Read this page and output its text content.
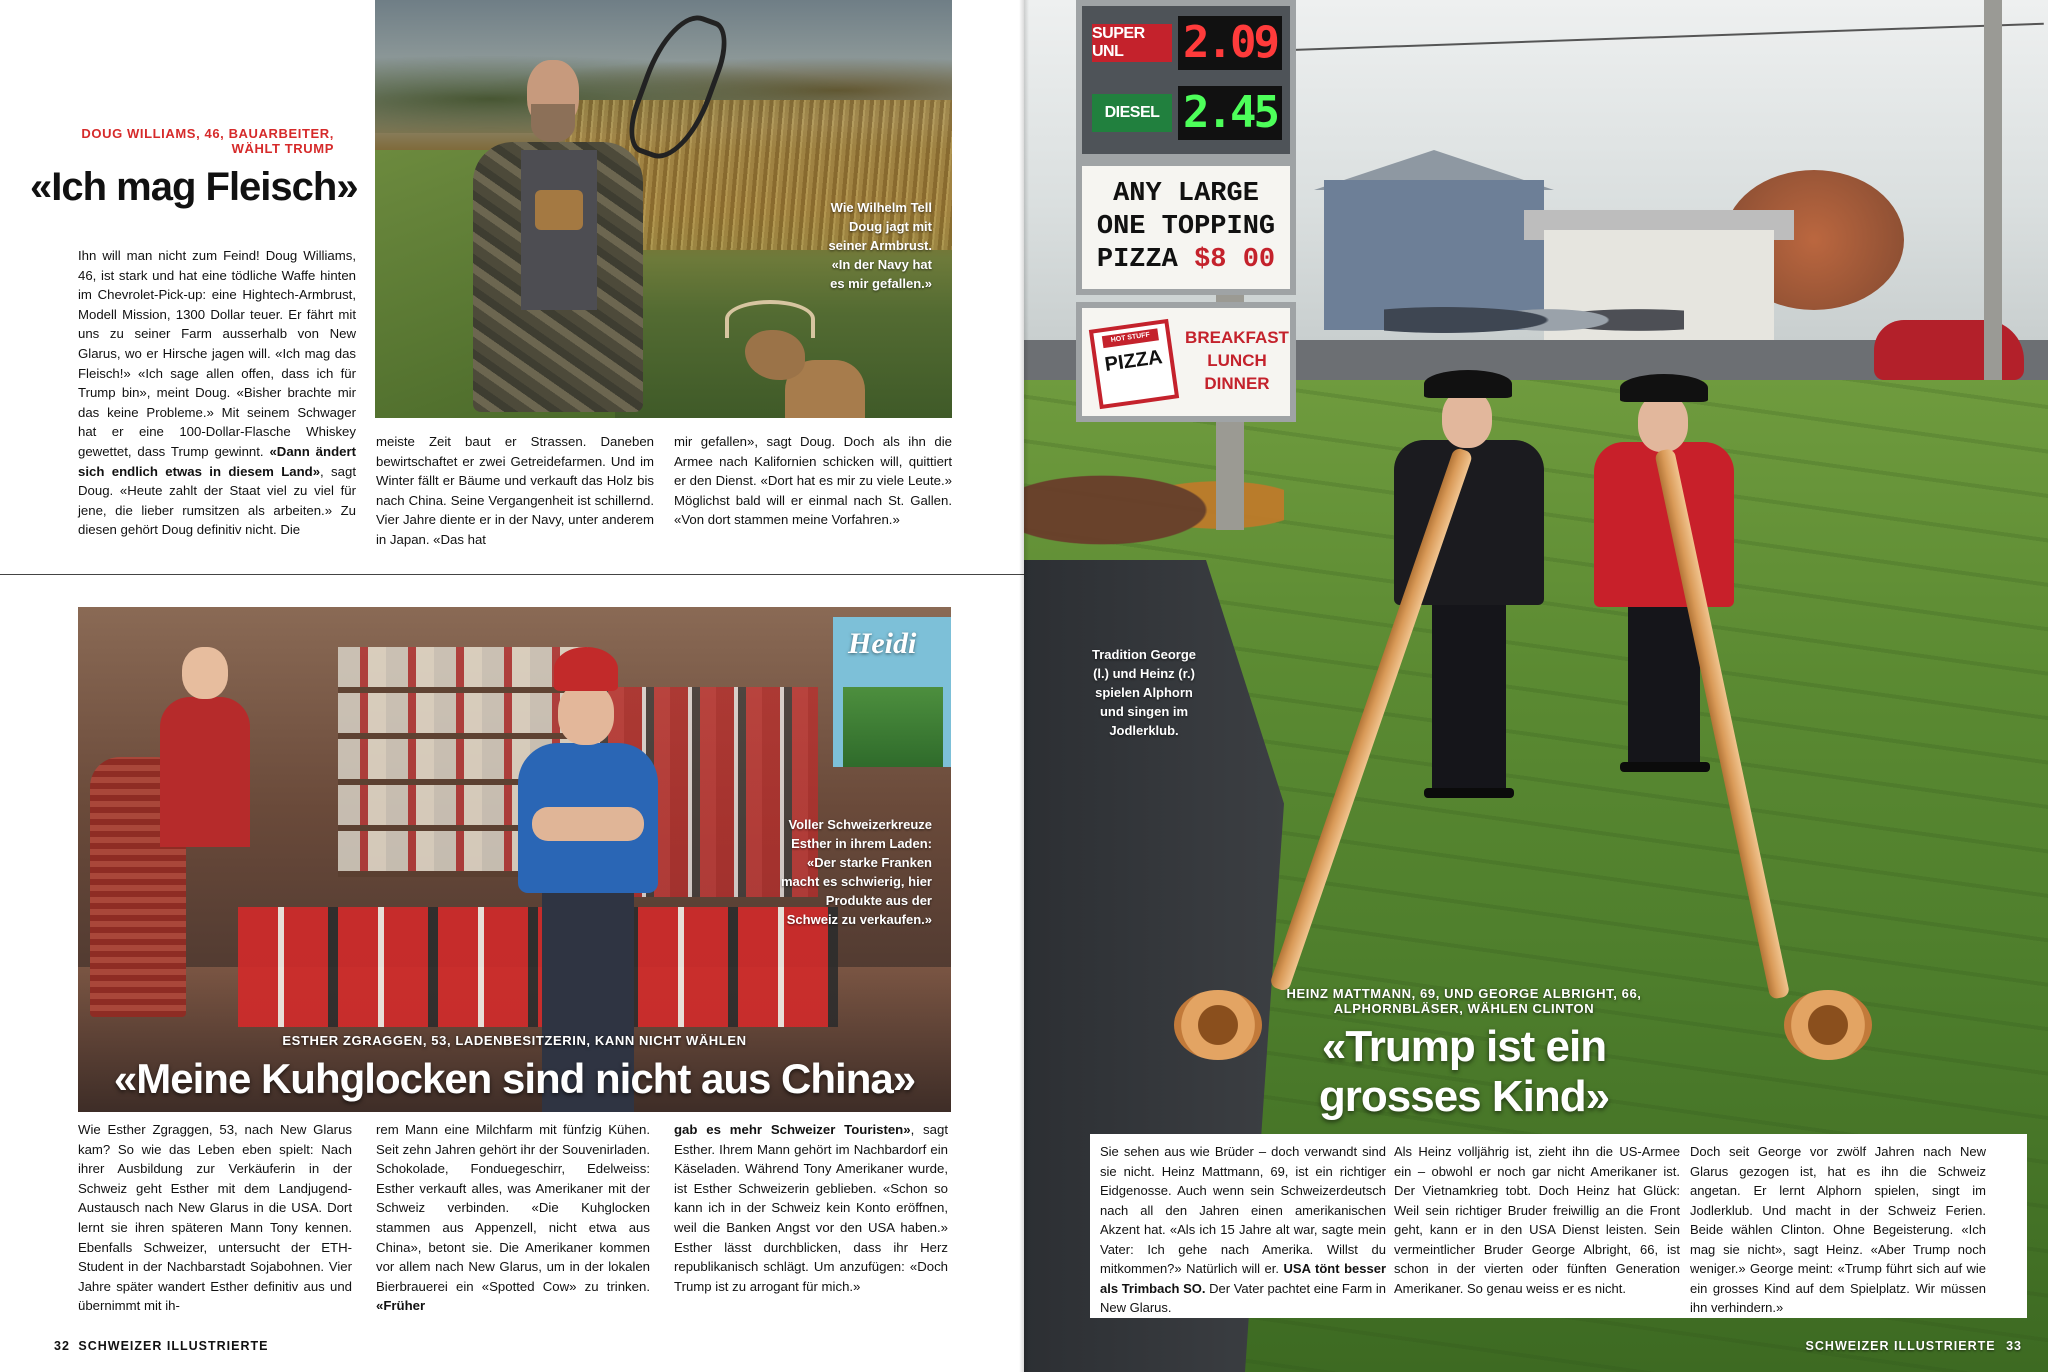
Wie Wilhelm Tell Doug jagt mit seiner Armbrust. «In der Navy hat es mir gefallen.»
DOUG WILLIAMS, 46, BAUARBEITER,
WÄHLT TRUMP
«Ich mag Fleisch»
Ihn will man nicht zum Feind! Doug Williams, 46, ist stark und hat eine tödliche Waffe hinten im Chevrolet-Pick-up: eine Hightech-Armbrust, Modell Mission, 1300 Dollar teuer. Er fährt mit uns zu seiner Farm ausserhalb von New Glarus, wo er Hirsche jagen will. «Ich mag das Fleisch!» «Ich sage allen offen, dass ich für Trump bin», meint Doug. «Bisher brachte mir das keine Probleme.» Mit seinem Schwager hat er eine 100-Dollar-Flasche Whiskey gewettet, dass Trump gewinnt. «Dann ändert sich endlich etwas in diesem Land», sagt Doug. «Heute zahlt der Staat viel zu viel für jene, die lieber rumsitzen als arbeiten.» Zu diesen gehört Doug definitiv nicht. Die
meiste Zeit baut er Strassen. Daneben bewirtschaftet er zwei Getreidefarmen. Und im Winter fällt er Bäume und verkauft das Holz bis nach China. Seine Vergangenheit ist schillernd. Vier Jahre diente er in der Navy, unter anderem in Japan. «Das hat
mir gefallen», sagt Doug. Doch als ihn die Armee nach Kalifornien schicken will, quittiert er den Dienst. «Dort hat es mir zu viele Leute.» Möglichst bald will er einmal nach St. Gallen. «Von dort stammen meine Vorfahren.»
Heidi
Voller Schweizerkreuze Esther in ihrem Laden: «Der starke Franken macht es schwierig, hier Produkte aus der Schweiz zu verkaufen.»
ESTHER ZGRAGGEN, 53, LADENBESITZERIN, KANN NICHT WÄHLEN
«Meine Kuhglocken sind nicht aus China»
Wie Esther Zgraggen, 53, nach New Glarus kam? So wie das Leben eben spielt: Nach ihrer Ausbildung zur Verkäuferin in der Schweiz geht Esther mit dem Landjugend-Austausch nach New Glarus in die USA. Dort lernt sie ihren späteren Mann Tony kennen. Ebenfalls Schweizer, untersucht der ETH-Student in der Nachbarstadt Sojabohnen. Vier Jahre später wandert Esther definitiv aus und übernimmt mit ih-
rem Mann eine Milchfarm mit fünfzig Kühen. Seit zehn Jahren gehört ihr der Souvenirladen. Schokolade, Fonduegeschirr, Edelweiss: Esther verkauft alles, was Amerikaner mit der Schweiz verbinden. «Die Kuhglocken stammen aus Appenzell, nicht etwa aus China», betont sie. Die Amerikaner kommen vor allem nach New Glarus, um in der lokalen Bierbrauerei ein «Spotted Cow» zu trinken. «Früher
gab es mehr Schweizer Touristen», sagt Esther. Ihrem Mann gehört im Nachbardorf ein Käseladen. Während Tony Amerikaner wurde, ist Esther Schweizerin geblieben. «Schon so kann ich in der Schweiz kein Konto eröffnen, weil die Banken Angst vor den USA haben.» Esther lässt durchblicken, dass ihr Herz republikanisch schlägt. Um anzufügen: «Doch Trump ist zu arrogant für mich.»
32 SCHWEIZER ILLUSTRIERTE
SUPER UNL	2.09
DIESEL 2.45
ANY LARGE
ONE TOPPING
PIZZA $8 00
HOT STUFF
PIZZA
BREAKFAST
LUNCH
DINNER
Tradition George (l.) und Heinz (r.) spielen Alphorn und singen im Jodlerklub.
HEINZ MATTMANN, 69, UND GEORGE ALBRIGHT, 66,
ALPHORNBLÄSER, WÄHLEN CLINTON
«Trump ist ein
grosses Kind»
Sie sehen aus wie Brüder – doch verwandt sind sie nicht. Heinz Mattmann, 69, ist ein richtiger Eidgenosse. Auch wenn sein Schweizerdeutsch nach all den Jahren einen amerikanischen Akzent hat. «Als ich 15 Jahre alt war, sagte mein Vater: Ich gehe nach Amerika. Willst du mitkommen?» Natürlich will er. USA tönt besser als Trimbach SO. Der Vater pachtet eine Farm in New Glarus.
Als Heinz volljährig ist, zieht ihn die US-Armee ein – obwohl er noch gar nicht Amerikaner ist. Der Vietnamkrieg tobt. Doch Heinz hat Glück: Weil sein richtiger Bruder freiwillig an die Front geht, kann er in den USA Dienst leisten. Sein vermeintlicher Bruder George Albright, 66, ist schon in der vierten oder fünften Generation Amerikaner. So genau weiss er es nicht.
Doch seit George vor zwölf Jahren nach New Glarus gezogen ist, hat es ihn die Schweiz angetan. Er lernt Alphorn spielen, singt im Jodlerklub. Und macht in der Schweiz Ferien. Beide wählen Clinton. Ohne Begeisterung. «Ich mag sie nicht», sagt Heinz. «Aber Trump noch weniger.» George meint: «Trump führt sich auf wie ein grosses Kind auf dem Spielplatz. Wir müssen ihn verhindern.»
SCHWEIZER ILLUSTRIERTE 33
